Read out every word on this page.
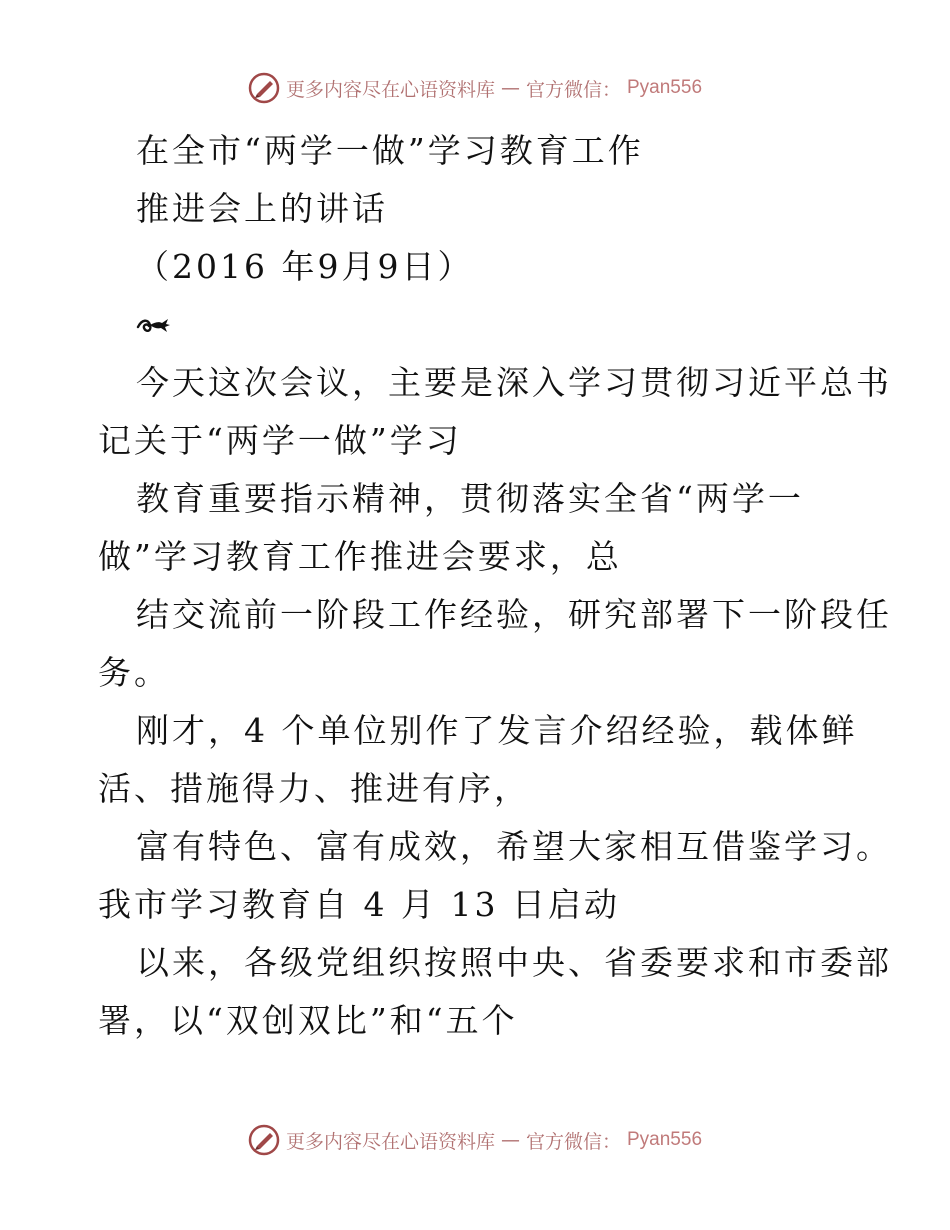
更多内容尽在心语资料库 — 官方微信： Pyan556
在全市“两学一做”学习教育工作
推进会上的讲话
（2016 年9月9日）
今天这次会议，主要是深入学习贯彻习近平总书
记关于“两学一做”学习
教育重要指示精神，贯彻落实全省“两学一
做”学习教育工作推进会要求，总
结交流前一阶段工作经验，研究部署下一阶段任
务。
刚才，4 个单位别作了发言介绍经验，载体鲜
活、措施得力、推进有序，
富有特色、富有成效，希望大家相互借鉴学习。
我市学习教育自 4 月 13 日启动
以来，各级党组织按照中央、省委要求和市委部
署，以“双创双比”和“五个
更多内容尽在心语资料库 — 官方微信： Pyan556
